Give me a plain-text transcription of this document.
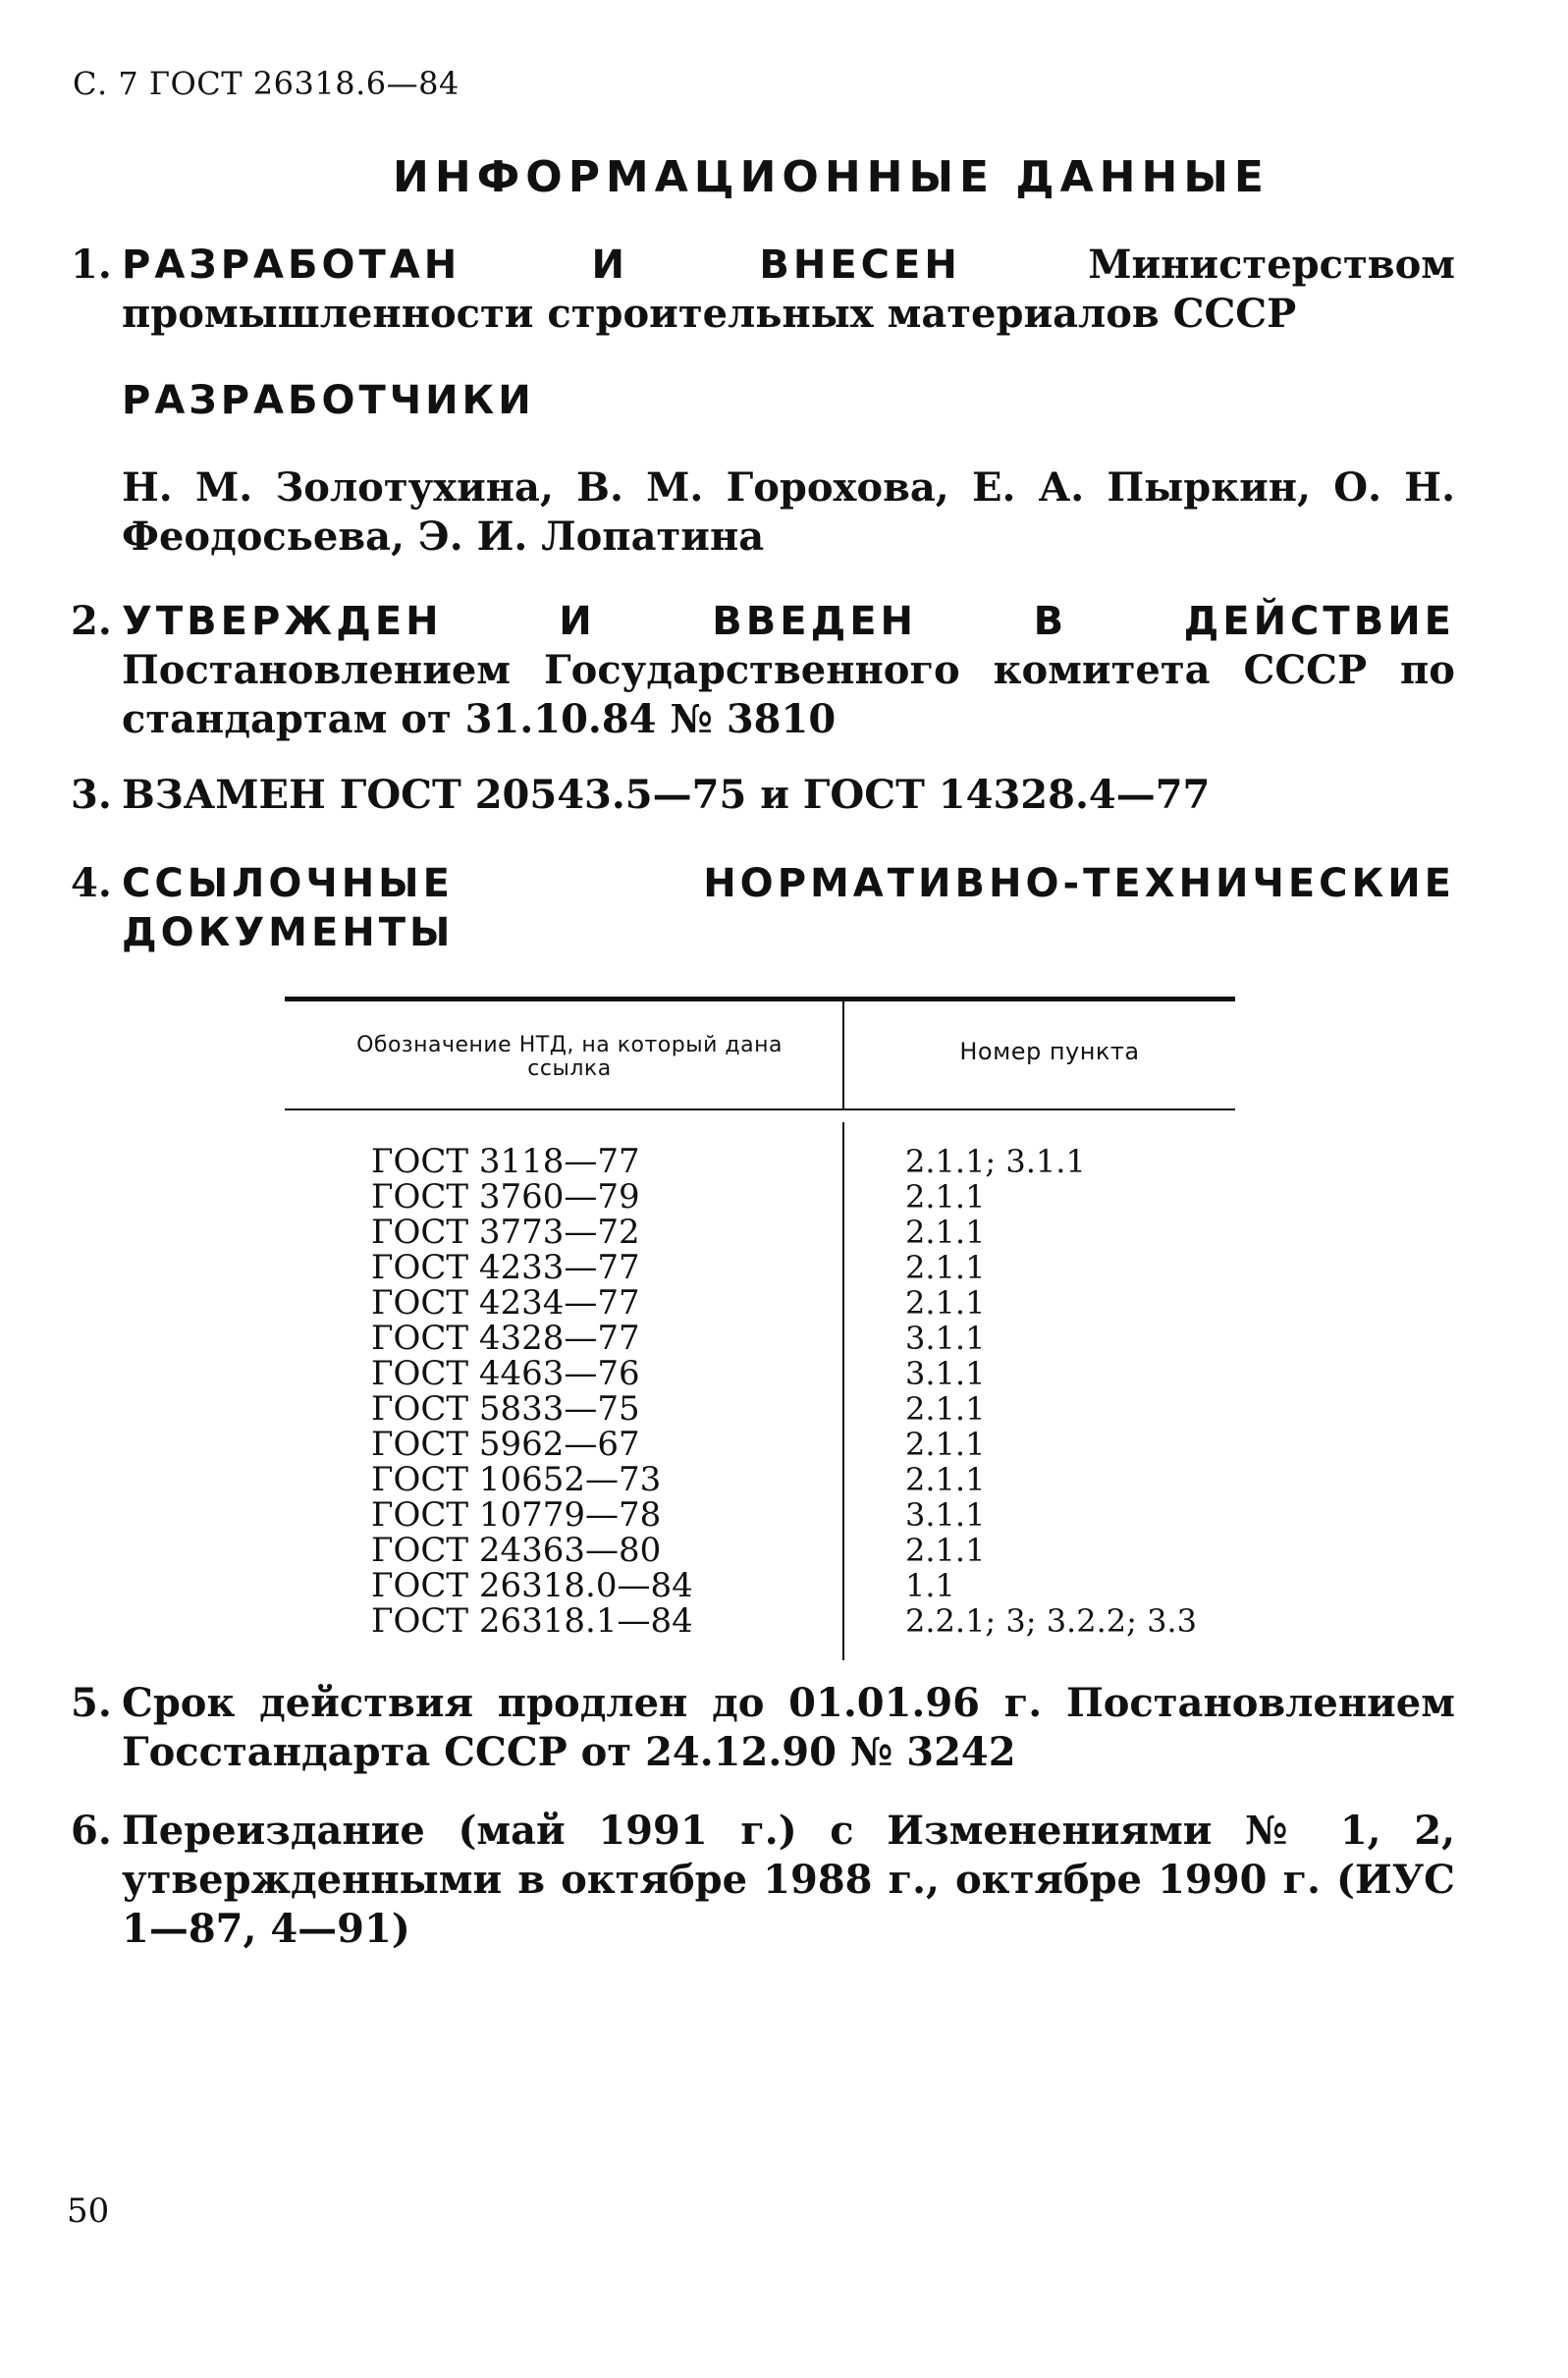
С. 7 ГОСТ 26318.6—84
ИНФОРМАЦИОННЫЕ ДАННЫЕ
1. РАЗРАБОТАН И ВНЕСЕН	Министерством промышленности строительных материалов СССР
РАЗРАБОТЧИКИ
Н. М. Золотухина, В. М. Горохова, Е. А. Пыркин, О. Н. Феодосьева, Э. И. Лопатина
2. УТВЕРЖДЕН И ВВЕДЕН В ДЕЙСТВИЕ Постановлением Государственного комитета СССР по стандартам от 31.10.84 № 3810
3. ВЗАМЕН ГОСТ 20543.5—75 и ГОСТ 14328.4—77
4. ССЫЛОЧНЫЕ НОРМАТИВНО-ТЕХНИЧЕСКИЕ ДОКУМЕНТЫ
Обозначение НТД, на который дана ссылка
Номер пункта
ГОСТ 3118—77
ГОСТ 3760—79
ГОСТ 3773—72
ГОСТ 4233—77
ГОСТ 4234—77
ГОСТ 4328—77
ГОСТ 4463—76
ГОСТ 5833—75
ГОСТ 5962—67
ГОСТ 10652—73
ГОСТ 10779—78
ГОСТ 24363—80
ГОСТ 26318.0—84
ГОСТ 26318.1—84
2.1.1; 3.1.1
2.1.1
2.1.1
2.1.1
2.1.1
3.1.1
3.1.1
2.1.1
2.1.1
2.1.1
3.1.1
2.1.1
1.1
2.2.1; 3; 3.2.2; 3.3
5. Срок действия продлен до 01.01.96 г. Постановлением Госстандарта СССР от 24.12.90 № 3242
6. Переиздание (май 1991 г.) с Изменениями № 1, 2, утвержденными в октябре 1988 г., октябре 1990 г. (ИУС 1—87, 4—91)
50
